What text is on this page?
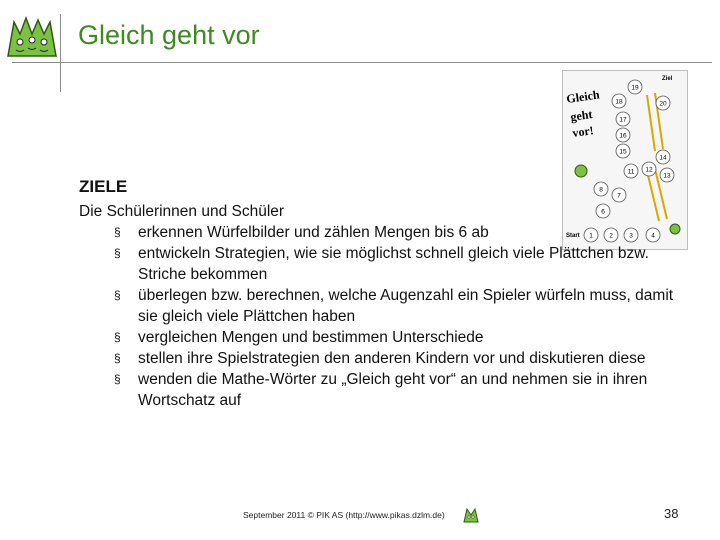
Gleich geht vor
Gleich
geht
vor!
Ziel
Start
19
18	20
17
16
15
14
11 12
13
8
7
6
1	2	3	4
ZIELE
Die Schülerinnen und Schüler
§ erkennen Würfelbilder und zählen Mengen bis 6 ab
§ entwickeln Strategien, wie sie möglichst schnell gleich viele Plättchen bzw. Striche bekommen
§ überlegen bzw. berechnen, welche Augenzahl ein Spieler würfeln muss, damit sie gleich viele Plättchen haben
§ vergleichen Mengen und bestimmen Unterschiede
§ stellen ihre Spielstrategien den anderen Kindern vor und diskutieren diese
§ wenden die Mathe-Wörter zu „Gleich geht vor“ an und nehmen sie in ihren Wortschatz auf
September 2011 © PIK AS (http://www.pikas.dzlm.de)	38
